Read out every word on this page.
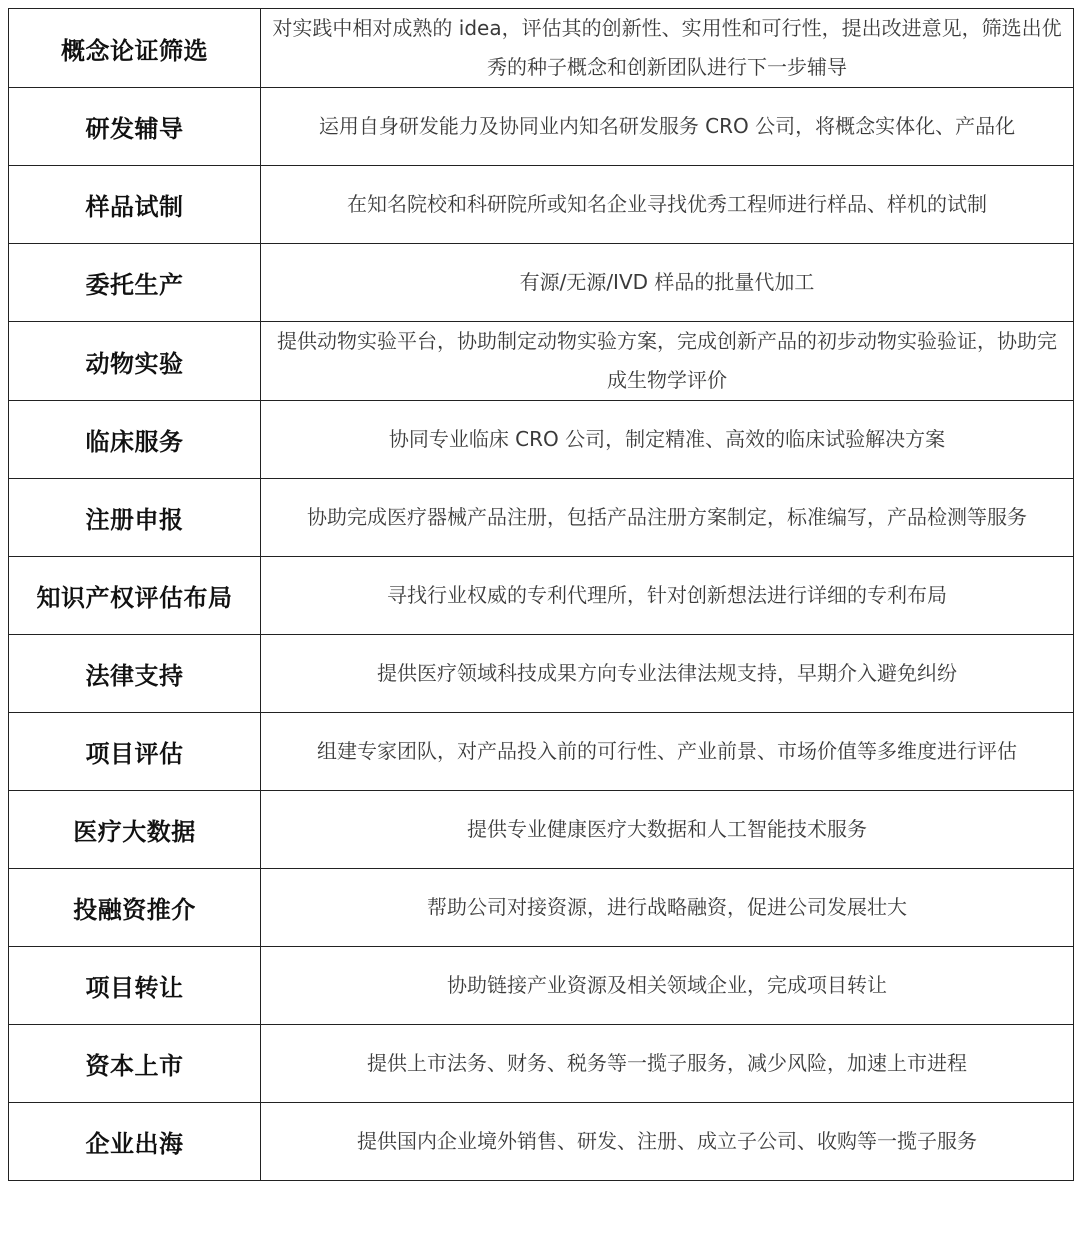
概念论证筛选	对实践中相对成熟的 idea，评估其的创新性、实用性和可行性，提出改进意见，筛选出优秀的种子概念和创新团队进行下一步辅导
研发辅导	运用自身研发能力及协同业内知名研发服务 CRO 公司，将概念实体化、产品化
样品试制	在知名院校和科研院所或知名企业寻找优秀工程师进行样品、样机的试制
委托生产	有源/无源/IVD 样品的批量代加工
动物实验	提供动物实验平台，协助制定动物实验方案，完成创新产品的初步动物实验验证，协助完成生物学评价
临床服务	协同专业临床 CRO 公司，制定精准、高效的临床试验解决方案
注册申报	协助完成医疗器械产品注册，包括产品注册方案制定，标准编写，产品检测等服务
知识产权评估布局	寻找行业权威的专利代理所，针对创新想法进行详细的专利布局
法律支持	提供医疗领域科技成果方向专业法律法规支持，早期介入避免纠纷
项目评估	组建专家团队，对产品投入前的可行性、产业前景、市场价值等多维度进行评估
医疗大数据	提供专业健康医疗大数据和人工智能技术服务
投融资推介	帮助公司对接资源，进行战略融资，促进公司发展壮大
项目转让	协助链接产业资源及相关领域企业，完成项目转让
资本上市	提供上市法务、财务、税务等一揽子服务，减少风险，加速上市进程
企业出海	提供国内企业境外销售、研发、注册、成立子公司、收购等一揽子服务
